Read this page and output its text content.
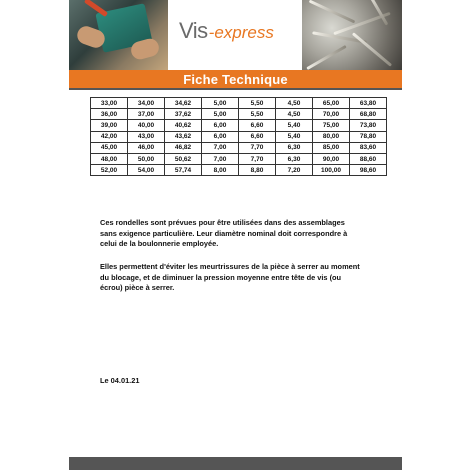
Vis -express
Fiche Technique
33,00	34,00	34,62	5,00	5,50	4,50	65,00	63,80
36,00	37,00	37,62	5,00	5,50	4,50	70,00	68,80
39,00	40,00	40,62	6,00	6,60	5,40	75,00	73,80
42,00	43,00	43,62	6,00	6,60	5,40	80,00	78,80
45,00	46,00	46,82	7,00	7,70	6,30	85,00	83,60
48,00	50,00	50,62	7,00	7,70	6,30	90,00	88,60
52,00	54,00	57,74	8,00	8,80	7,20	100,00	98,60
Ces rondelles sont prévues pour être utilisées dans des assemblages sans exigence particulière. Leur diamètre nominal doit correspondre à celui de la boulonnerie employée.
Elles permettent d'éviter les meurtrissures de la pièce à serrer au moment du blocage, et de diminuer la pression moyenne entre tête de vis (ou écrou) pièce à serrer.
Le 04.01.21
